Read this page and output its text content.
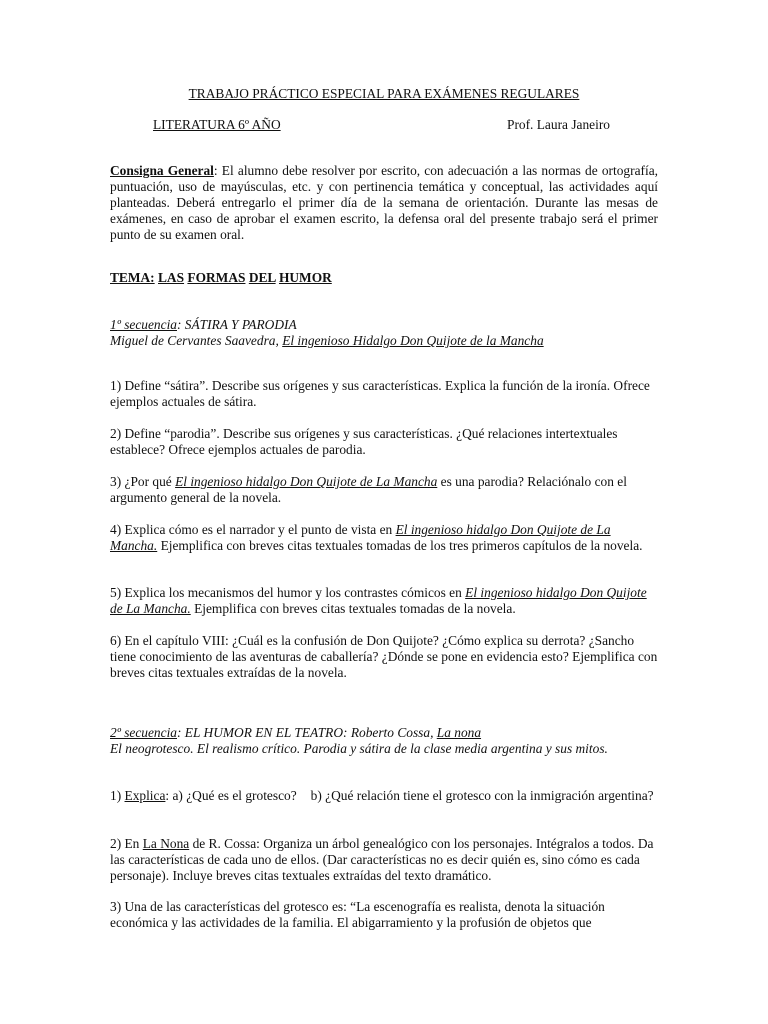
TRABAJO PRÁCTICO ESPECIAL PARA EXÁMENES REGULARES
LITERATURA 6º AÑO	Prof. Laura Janeiro

Consigna General: El alumno debe resolver por escrito, con adecuación a las normas de ortografía, puntuación, uso de mayúsculas, etc. y con pertinencia temática y conceptual, las actividades aquí planteadas. Deberá entregarlo el primer día de la semana de orientación. Durante las mesas de exámenes, en caso de aprobar el examen escrito, la defensa oral del presente trabajo será el primer punto de su examen oral.

TEMA: LAS FORMAS DEL HUMOR

1º secuencia: SÁTIRA Y PARODIA
Miguel de Cervantes Saavedra, El ingenioso Hidalgo Don Quijote de la Mancha

1) Define “sátira”. Describe sus orígenes y sus características. Explica la función de la ironía. Ofrece ejemplos actuales de sátira.

2) Define “parodia”. Describe sus orígenes y sus características. ¿Qué relaciones intertextuales establece? Ofrece ejemplos actuales de parodia.

3) ¿Por qué El ingenioso hidalgo Don Quijote de La Mancha es una parodia? Relaciónalo con el argumento general de la novela.

4) Explica cómo es el narrador y el punto de vista en El ingenioso hidalgo Don Quijote de La Mancha. Ejemplifica con breves citas textuales tomadas de los tres primeros capítulos de la novela.

5) Explica los mecanismos del humor y los contrastes cómicos en El ingenioso hidalgo Don Quijote de La Mancha. Ejemplifica con breves citas textuales tomadas de la novela.

6) En el capítulo VIII: ¿Cuál es la confusión de Don Quijote? ¿Cómo explica su derrota? ¿Sancho tiene conocimiento de las aventuras de caballería? ¿Dónde se pone en evidencia esto? Ejemplifica con breves citas textuales extraídas de la novela.

2º secuencia: EL HUMOR EN EL TEATRO: Roberto Cossa, La nona
El neogrotesco. El realismo crítico. Parodia y sátira de la clase media argentina y sus mitos.

1) Explica: a) ¿Qué es el grotesco? b) ¿Qué relación tiene el grotesco con la inmigración argentina?

2) En La Nona de R. Cossa: Organiza un árbol genealógico con los personajes. Intégralos a todos. Da las características de cada uno de ellos. (Dar características no es decir quién es, sino cómo es cada personaje). Incluye breves citas textuales extraídas del texto dramático.

3) Una de las características del grotesco es: “La escenografía es realista, denota la situación económica y las actividades de la familia. El abigarramiento y la profusión de objetos que
